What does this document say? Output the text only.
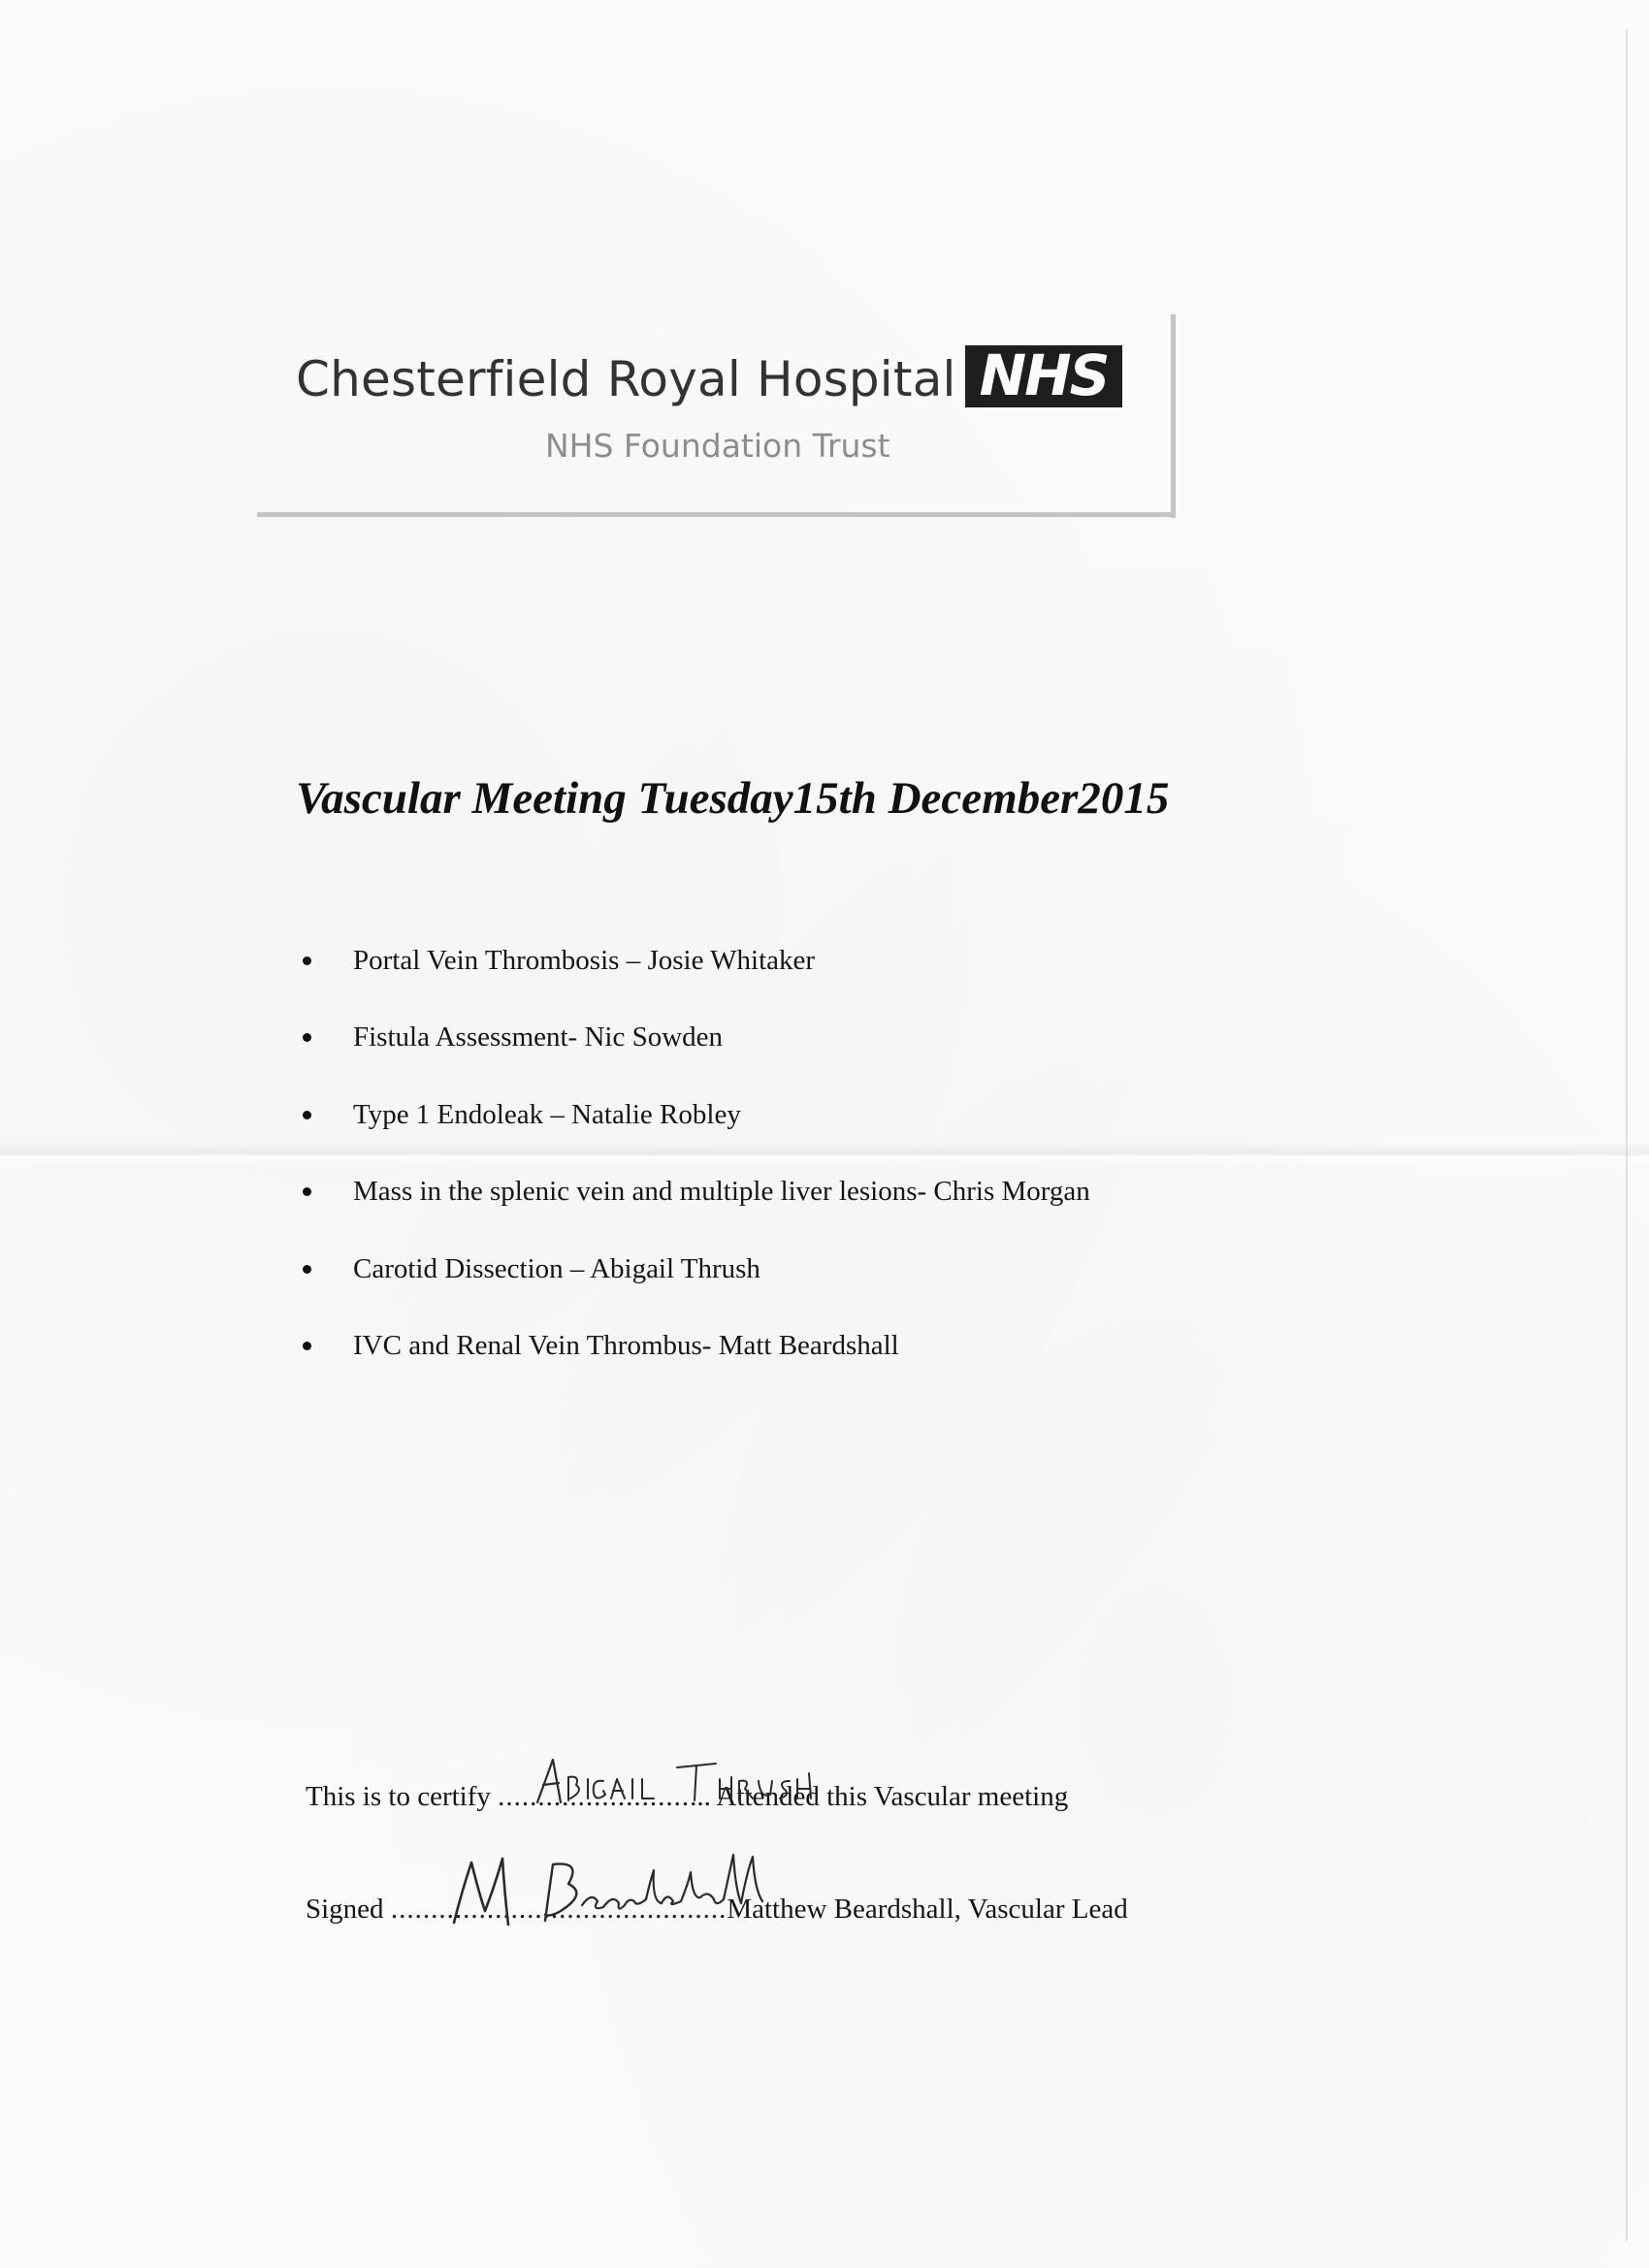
Chesterfield Royal Hospital NHS
NHS Foundation Trust
Vascular Meeting Tuesday15th December2015
Portal Vein Thrombosis – Josie Whitaker
Fistula Assessment- Nic Sowden
Type 1 Endoleak – Natalie Robley
Mass in the splenic vein and multiple liver lesions- Chris Morgan
Carotid Dissection – Abigail Thrush
IVC and Renal Vein Thrombus- Matt Beardshall
This is to certify ........................... Attended this Vascular meeting
Signed ..........................................Matthew Beardshall, Vascular Lead
